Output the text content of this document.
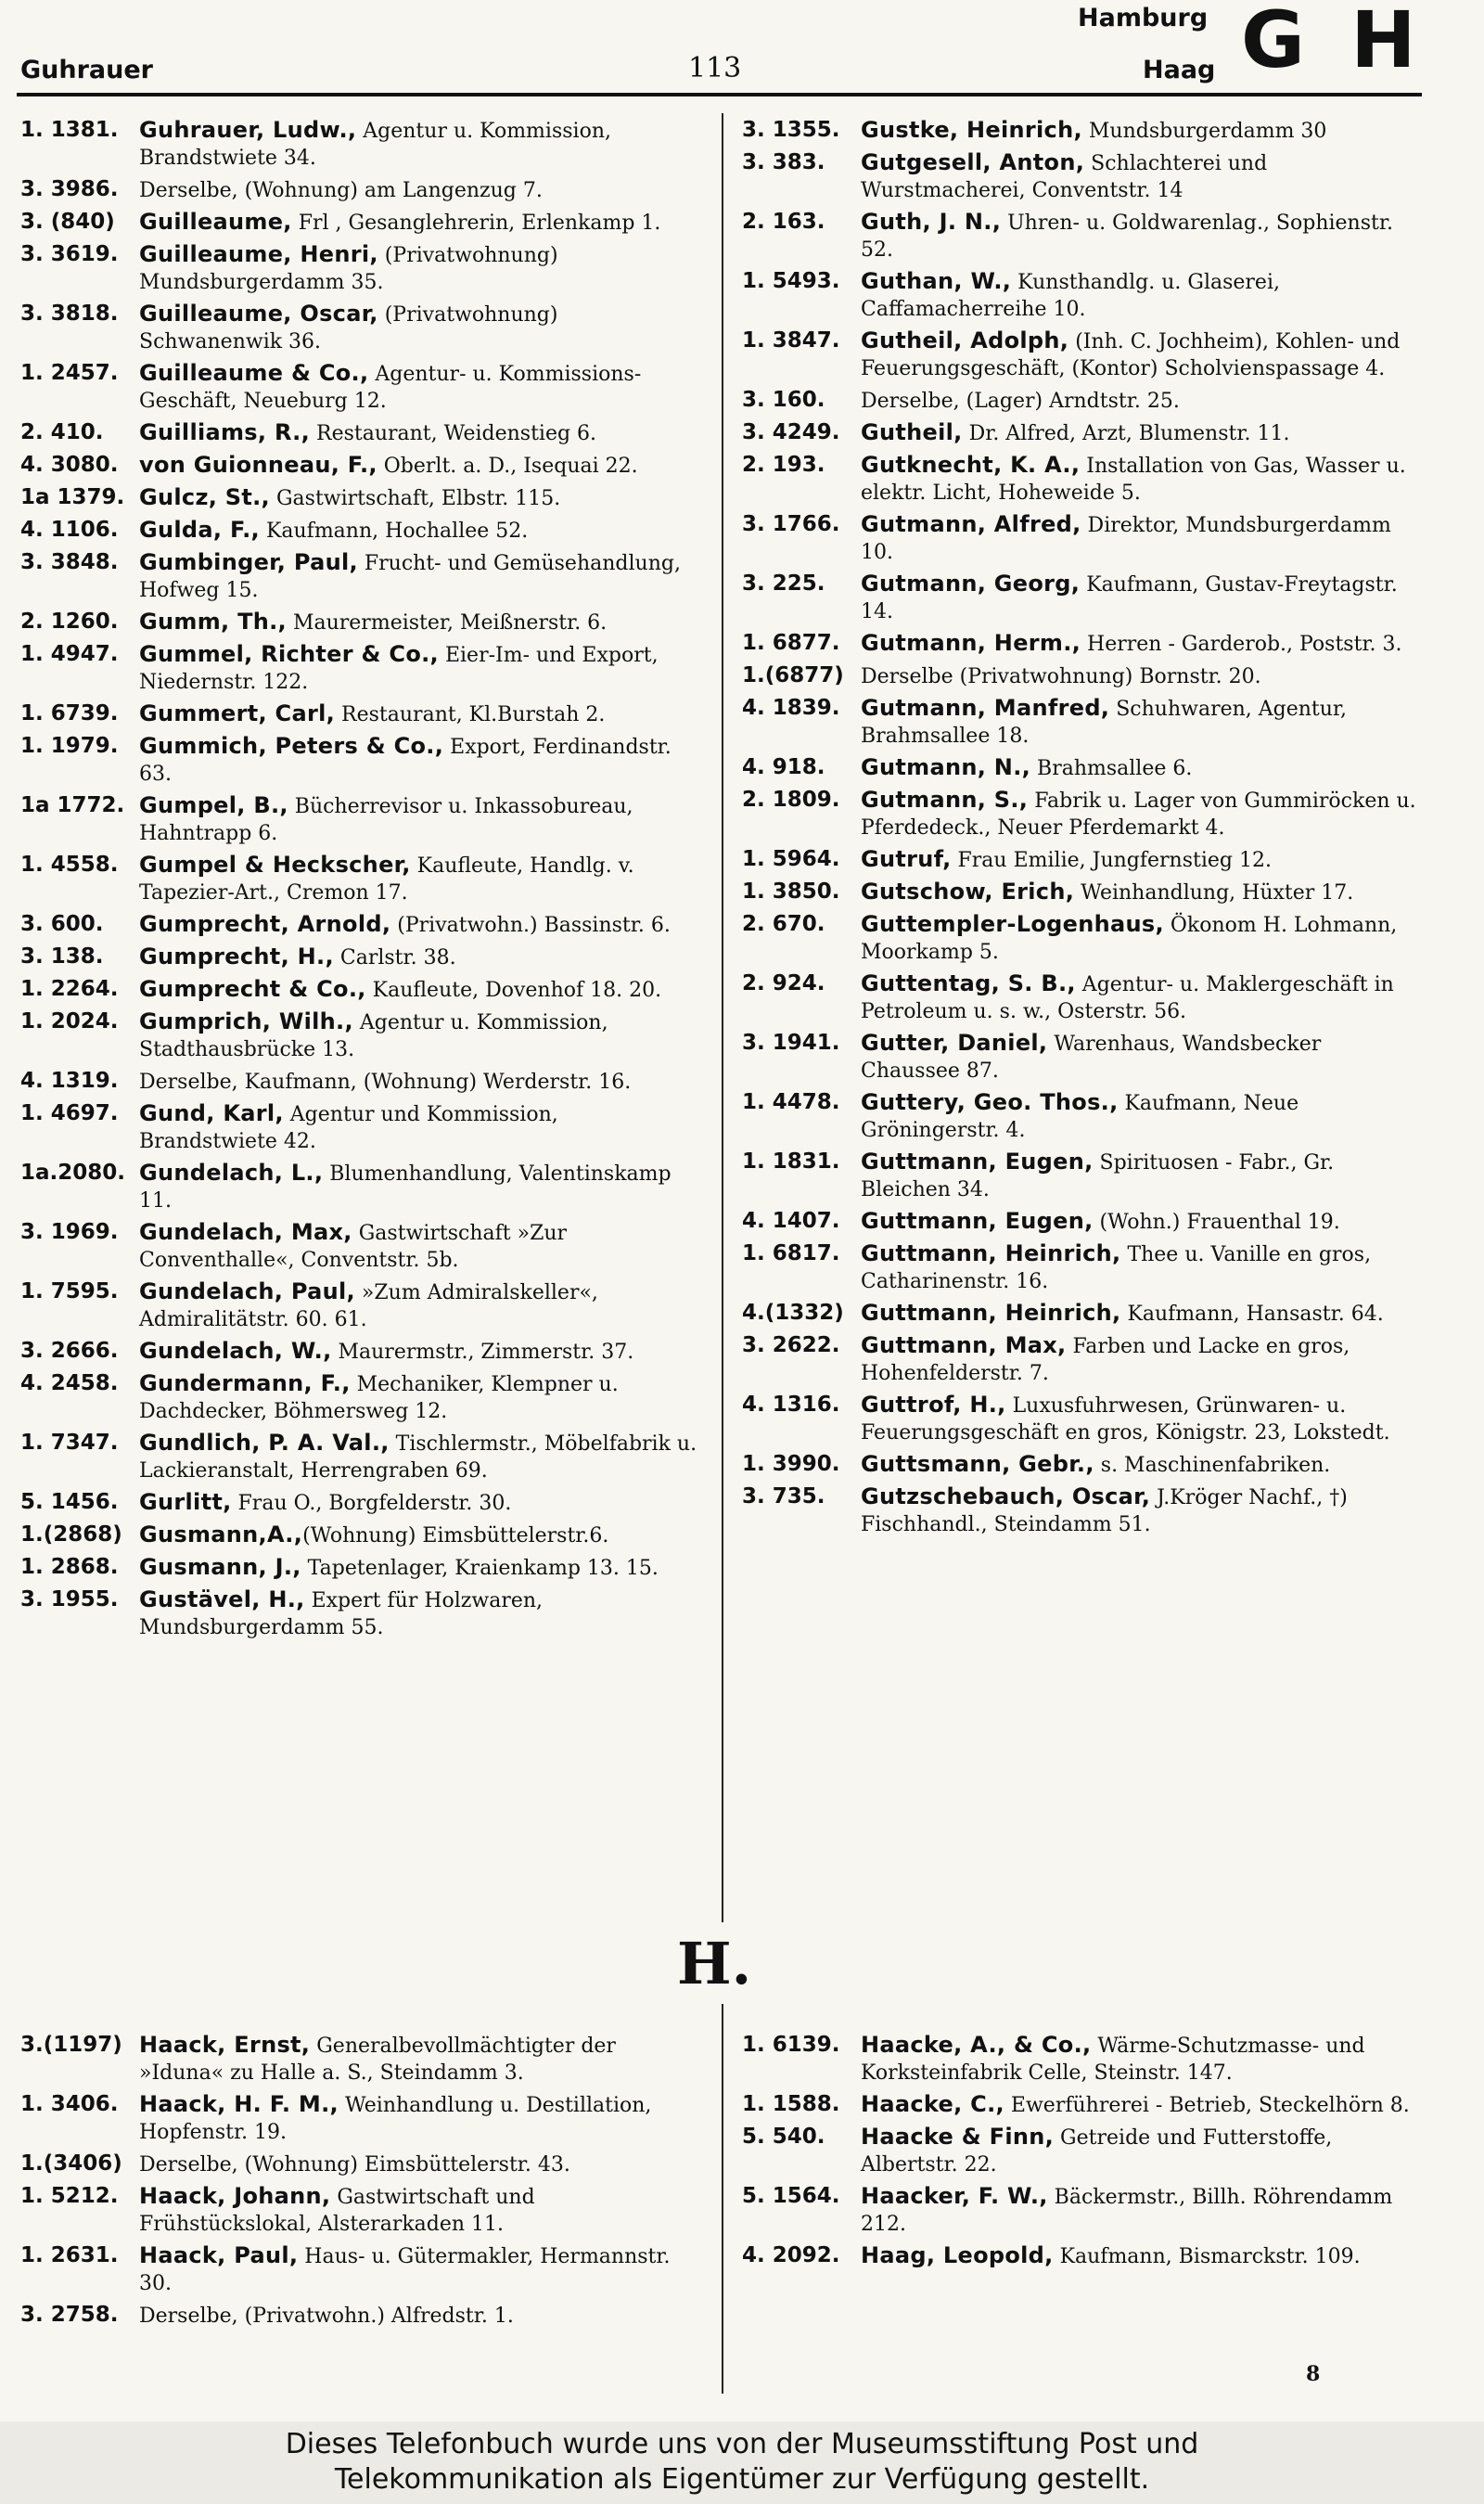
Guhrauer	113
Hamburg
Haag G H
1. 1381. Guhrauer, Ludw., Agentur u. Kommission, Brandstwiete 34.
3. 3986.	Derselbe, (Wohnung) am Langenzug 7.
3. (840)	Guilleaume, Frl , Gesanglehrerin, Erlenkamp 1.
3. 3619. Guilleaume, Henri, (Privatwohnung) Mundsburgerdamm 35.
3. 3818. Guilleaume, Oscar, (Privatwohnung) Schwanenwik 36.
1. 2457. Guilleaume & Co., Agentur- u. Kommissions-Geschäft, Neueburg 12.
2. 410.	Guilliams, R., Restaurant, Weidenstieg 6.
4. 3080. von Guionneau, F., Oberlt. a. D., Isequai 22.
1a 1379. Gulcz, St., Gastwirtschaft, Elbstr. 115.
4. 1106. Gulda, F., Kaufmann, Hochallee 52.
3. 3848. Gumbinger, Paul, Frucht- und Gemüsehandlung, Hofweg 15.
2. 1260. Gumm, Th., Maurermeister, Meißnerstr. 6.
1. 4947. Gummel, Richter & Co., Eier-Im- und Export, Niedernstr. 122.
1. 6739. Gummert, Carl, Restaurant, Kl.Burstah 2.
1. 1979. Gummich, Peters & Co., Export, Ferdinandstr. 63.
1a 1772. Gumpel, B., Bücherrevisor u. Inkassobureau, Hahntrapp 6.
1. 4558. Gumpel & Heckscher, Kaufleute, Handlg. v. Tapezier-Art., Cremon 17.
3. 600.	Gumprecht, Arnold, (Privatwohn.) Bassinstr. 6.
3. 138.	Gumprecht, H., Carlstr. 38.
1. 2264. Gumprecht & Co., Kaufleute, Dovenhof 18. 20.
1. 2024. Gumprich, Wilh., Agentur u. Kommission, Stadthausbrücke 13.
4. 1319.	Derselbe, Kaufmann, (Wohnung) Werderstr. 16.
1. 4697. Gund, Karl, Agentur und Kommission, Brandstwiete 42.
1a.2080. Gundelach, L., Blumenhandlung, Valentinskamp 11.
3. 1969. Gundelach, Max, Gastwirtschaft »Zur Conventhalle«, Conventstr. 5b.
1. 7595. Gundelach, Paul, »Zum Admiralskeller«, Admiralitätstr. 60. 61.
3. 2666. Gundelach, W., Maurermstr., Zimmerstr. 37.
4. 2458. Gundermann, F., Mechaniker, Klempner u. Dachdecker, Böhmersweg 12.
1. 7347. Gundlich, P. A. Val., Tischlermstr., Möbelfabrik u. Lackieranstalt, Herrengraben 69.
5. 1456. Gurlitt, Frau O., Borgfelderstr. 30.
1.(2868) Gusmann,A.,(Wohnung) Eimsbüttelerstr.6.
1. 2868. Gusmann, J., Tapetenlager, Kraienkamp 13. 15.
3. 1955. Gustävel, H., Expert für Holzwaren, Mundsburgerdamm 55.
3. 1355. Gustke, Heinrich, Mundsburgerdamm 30
3. 383.	Gutgesell, Anton, Schlachterei und Wurstmacherei, Conventstr. 14
2. 163.	Guth, J. N., Uhren- u. Goldwarenlag., Sophienstr. 52.
1. 5493. Guthan, W., Kunsthandlg. u. Glaserei, Caffamacherreihe 10.
1. 3847. Gutheil, Adolph, (Inh. C. Jochheim), Kohlen- und Feuerungsgeschäft, (Kontor) Scholvienspassage 4.
3. 160.	Derselbe, (Lager) Arndtstr. 25.
3. 4249. Gutheil, Dr. Alfred, Arzt, Blumenstr. 11.
2. 193.	Gutknecht, K. A., Installation von Gas, Wasser u. elektr. Licht, Hoheweide 5.
3. 1766. Gutmann, Alfred, Direktor, Mundsburgerdamm 10.
3. 225.	Gutmann, Georg, Kaufmann, Gustav-Freytagstr. 14.
1. 6877. Gutmann, Herm., Herren - Garderob., Poststr. 3.
1.(6877) Derselbe (Privatwohnung) Bornstr. 20.
4. 1839. Gutmann, Manfred, Schuhwaren, Agentur, Brahmsallee 18.
4. 918.	Gutmann, N., Brahmsallee 6.
2. 1809. Gutmann, S., Fabrik u. Lager von Gummiröcken u. Pferdedeck., Neuer Pferdemarkt 4.
1. 5964. Gutruf, Frau Emilie, Jungfernstieg 12.
1. 3850. Gutschow, Erich, Weinhandlung, Hüxter 17.
2. 670.	Guttempler-Logenhaus, Ökonom H. Lohmann, Moorkamp 5.
2. 924.	Guttentag, S. B., Agentur- u. Maklergeschäft in Petroleum u. s. w., Osterstr. 56.
3. 1941. Gutter, Daniel, Warenhaus, Wandsbecker Chaussee 87.
1. 4478. Guttery, Geo. Thos., Kaufmann, Neue Gröningerstr. 4.
1. 1831. Guttmann, Eugen, Spirituosen - Fabr., Gr. Bleichen 34.
4. 1407. Guttmann, Eugen, (Wohn.) Frauenthal 19.
1. 6817. Guttmann, Heinrich, Thee u. Vanille en gros, Catharinenstr. 16.
4.(1332) Guttmann, Heinrich, Kaufmann, Hansastr. 64.
3. 2622. Guttmann, Max, Farben und Lacke en gros, Hohenfelderstr. 7.
4. 1316. Guttrof, H., Luxusfuhrwesen, Grünwaren- u. Feuerungsgeschäft en gros, Königstr. 23, Lokstedt.
1. 3990. Guttsmann, Gebr., s. Maschinenfabriken.
3. 735.	Gutzschebauch, Oscar, J.Kröger Nachf., †) Fischhandl., Steindamm 51.
H.
3.(1197) Haack, Ernst, Generalbevollmächtigter der »Iduna« zu Halle a. S., Steindamm 3.
1. 3406. Haack, H. F. M., Weinhandlung u. Destillation, Hopfenstr. 19.
1.(3406) Derselbe, (Wohnung) Eimsbüttelerstr. 43.
1. 5212. Haack, Johann, Gastwirtschaft und Frühstückslokal, Alsterarkaden 11.
1. 2631. Haack, Paul, Haus- u. Gütermakler, Hermannstr. 30.
3. 2758.	Derselbe, (Privatwohn.) Alfredstr. 1.
1. 6139. Haacke, A., & Co., Wärme-Schutzmasse- und Korksteinfabrik Celle, Steinstr. 147.
1. 1588. Haacke, C., Ewerführerei - Betrieb, Steckelhörn 8.
5. 540.	Haacke & Finn, Getreide und Futterstoffe, Albertstr. 22.
5. 1564. Haacker, F. W., Bäckermstr., Billh. Röhrendamm 212.
4. 2092. Haag, Leopold, Kaufmann, Bismarckstr. 109.
8
Dieses Telefonbuch wurde uns von der Museumsstiftung Post und
Telekommunikation als Eigentümer zur Verfügung gestellt.
